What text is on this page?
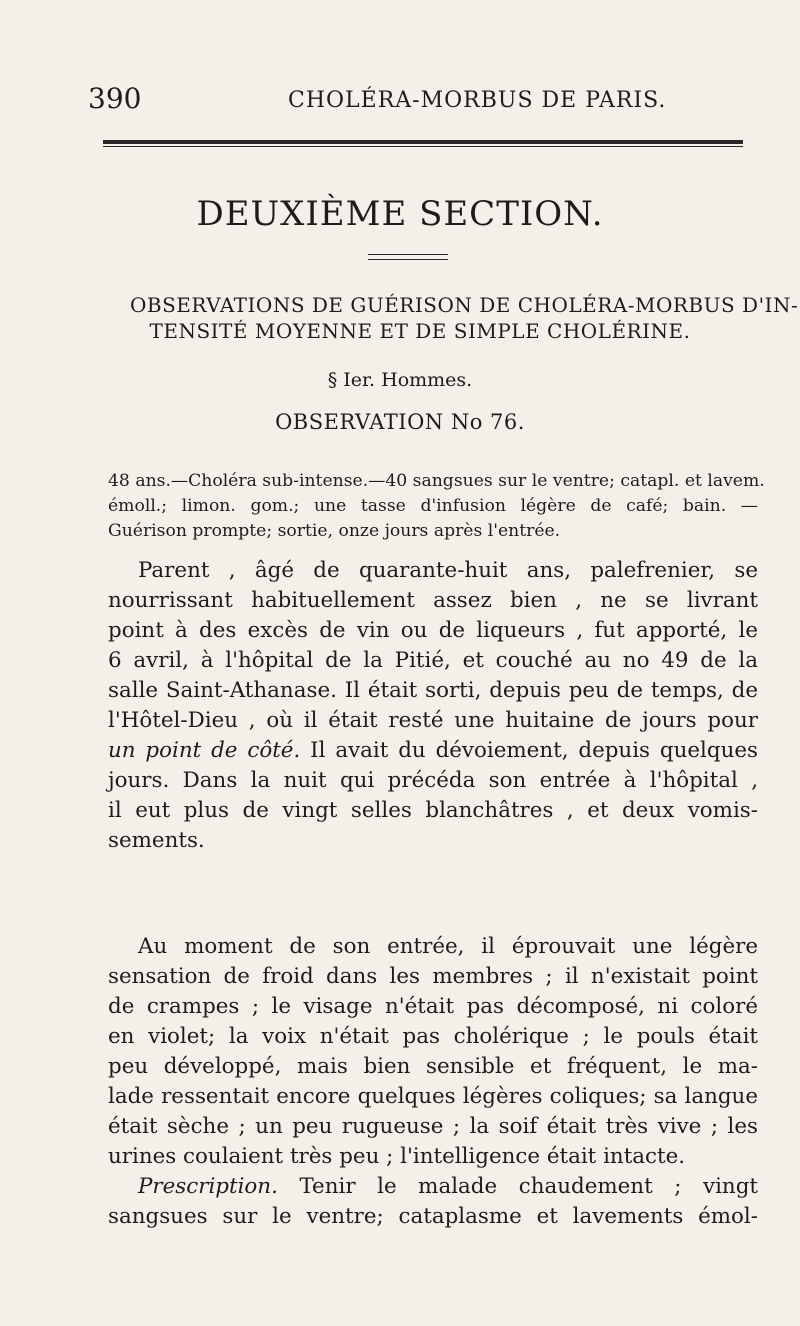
390	CHOLÉRA-MORBUS DE PARIS.
DEUXIÈME SECTION.
OBSERVATIONS DE GUÉRISON DE CHOLÉRA-MORBUS D'IN-
TENSITÉ MOYENNE ET DE SIMPLE CHOLÉRINE.
§ Ier. Hommes.
OBSERVATION No 76.
48 ans.—Choléra sub-intense.—40 sangsues sur le ventre; catapl. et lavem.
émoll.; limon. gom.; une tasse d'infusion légère de café; bain. —
Guérison prompte; sortie, onze jours après l'entrée.
Parent , âgé de quarante-huit ans, palefrenier, se
nourrissant habituellement assez bien , ne se livrant
point à des excès de vin ou de liqueurs , fut apporté, le
6 avril, à l'hôpital de la Pitié, et couché au no 49 de la
salle Saint-Athanase. Il était sorti, depuis peu de temps, de
l'Hôtel-Dieu , où il était resté une huitaine de jours pour
un point de côté. Il avait du dévoiement, depuis quelques
jours. Dans la nuit qui précéda son entrée à l'hôpital ,
il eut plus de vingt selles blanchâtres , et deux vomis-
sements.
Au moment de son entrée, il éprouvait une légère
sensation de froid dans les membres ; il n'existait point
de crampes ; le visage n'était pas décomposé, ni coloré
en violet; la voix n'était pas cholérique ; le pouls était
peu développé, mais bien sensible et fréquent, le ma-
lade ressentait encore quelques légères coliques; sa langue
était sèche ; un peu rugueuse ; la soif était très vive ; les
urines coulaient très peu ; l'intelligence était intacte.
Prescription. Tenir le malade chaudement ; vingt
sangsues sur le ventre; cataplasme et lavements émol-
